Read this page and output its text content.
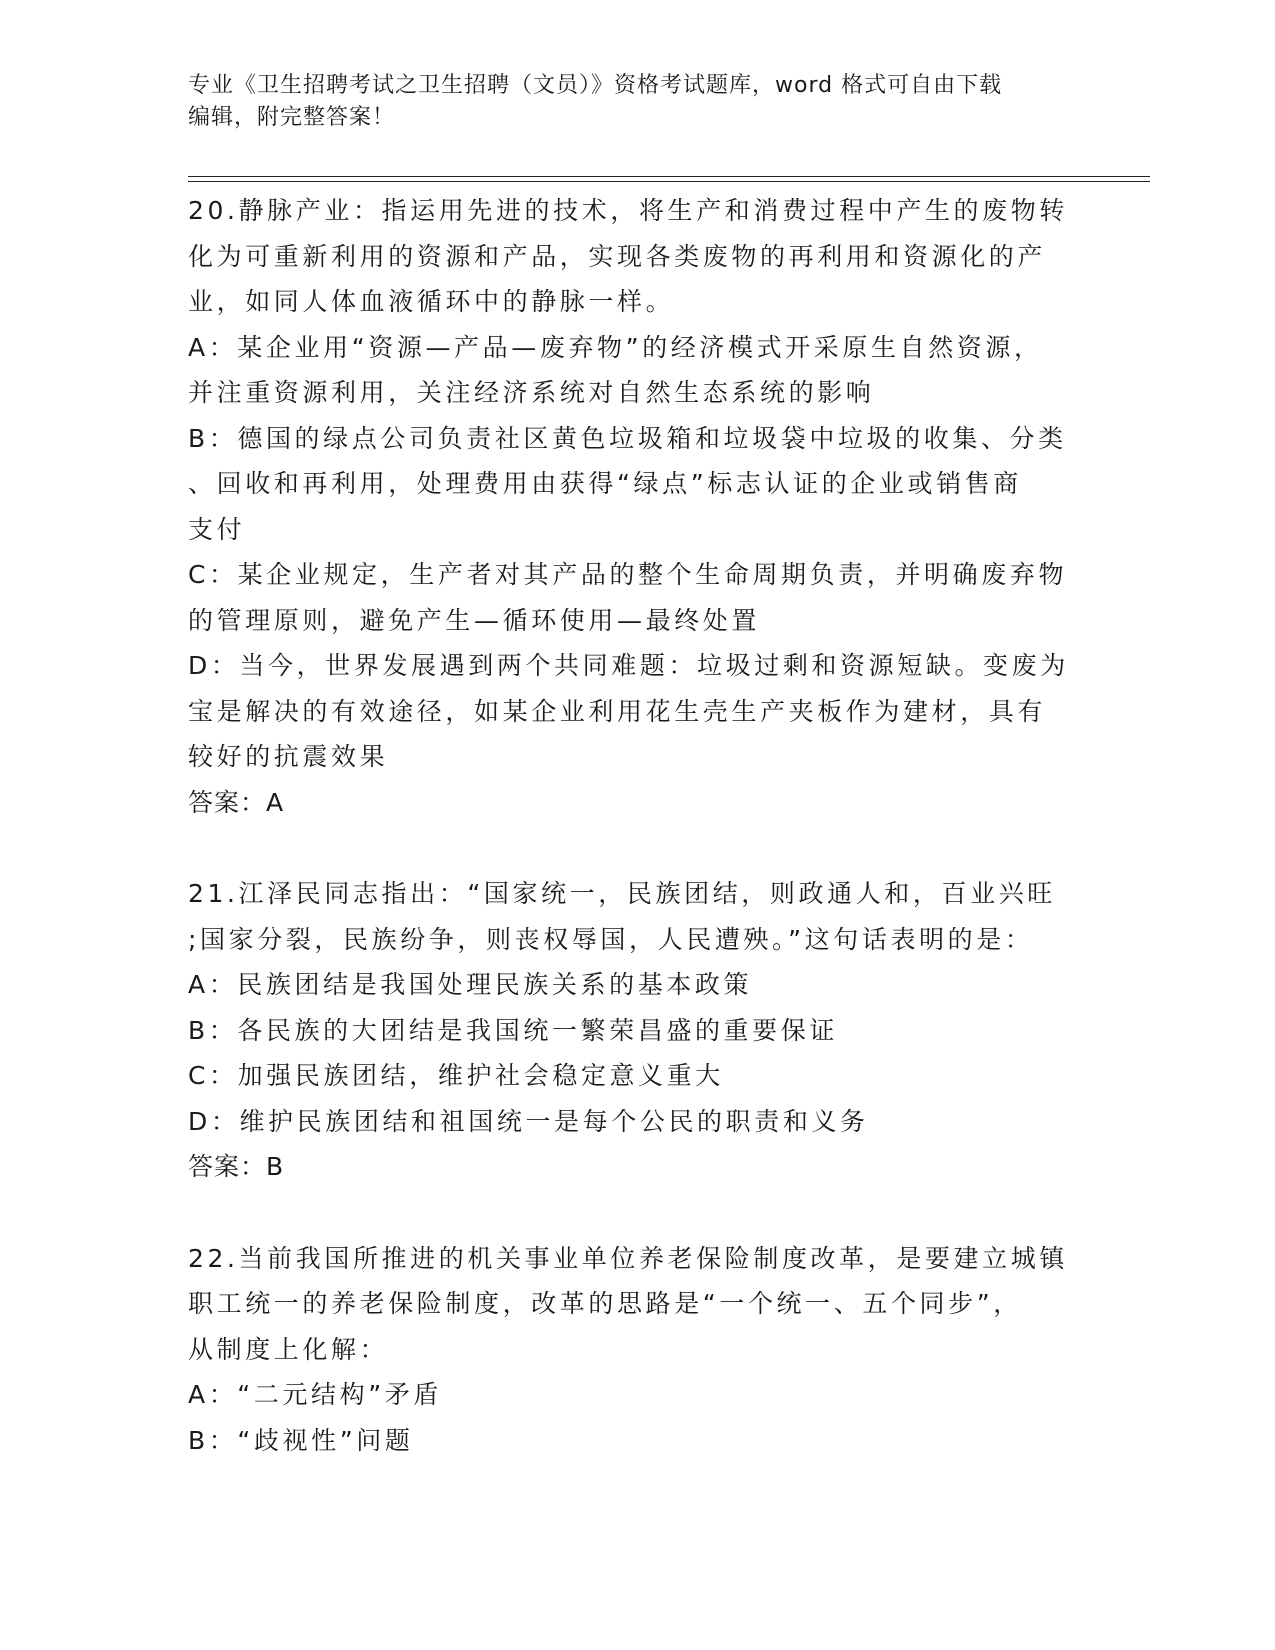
专业《卫生招聘考试之卫生招聘（文员）》资格考试题库，word 格式可自由下载
编辑，附完整答案！
20.静脉产业：指运用先进的技术，将生产和消费过程中产生的废物转
化为可重新利用的资源和产品，实现各类废物的再利用和资源化的产
业，如同人体血液循环中的静脉一样。
A：某企业用“资源—产品—废弃物”的经济模式开采原生自然资源，
并注重资源利用，关注经济系统对自然生态系统的影响
B：德国的绿点公司负责社区黄色垃圾箱和垃圾袋中垃圾的收集、分类
、回收和再利用，处理费用由获得“绿点”标志认证的企业或销售商
支付
C：某企业规定，生产者对其产品的整个生命周期负责，并明确废弃物
的管理原则，避免产生—循环使用—最终处置
D：当今，世界发展遇到两个共同难题：垃圾过剩和资源短缺。变废为
宝是解决的有效途径，如某企业利用花生壳生产夹板作为建材，具有
较好的抗震效果
答案：A
21.江泽民同志指出：“国家统一，民族团结，则政通人和，百业兴旺
;国家分裂，民族纷争，则丧权辱国，人民遭殃。”这句话表明的是：
A：民族团结是我国处理民族关系的基本政策
B：各民族的大团结是我国统一繁荣昌盛的重要保证
C：加强民族团结，维护社会稳定意义重大
D：维护民族团结和祖国统一是每个公民的职责和义务
答案：B
22.当前我国所推进的机关事业单位养老保险制度改革，是要建立城镇
职工统一的养老保险制度，改革的思路是“一个统一、五个同步”，
从制度上化解：
A：“二元结构”矛盾
B：“歧视性”问题
